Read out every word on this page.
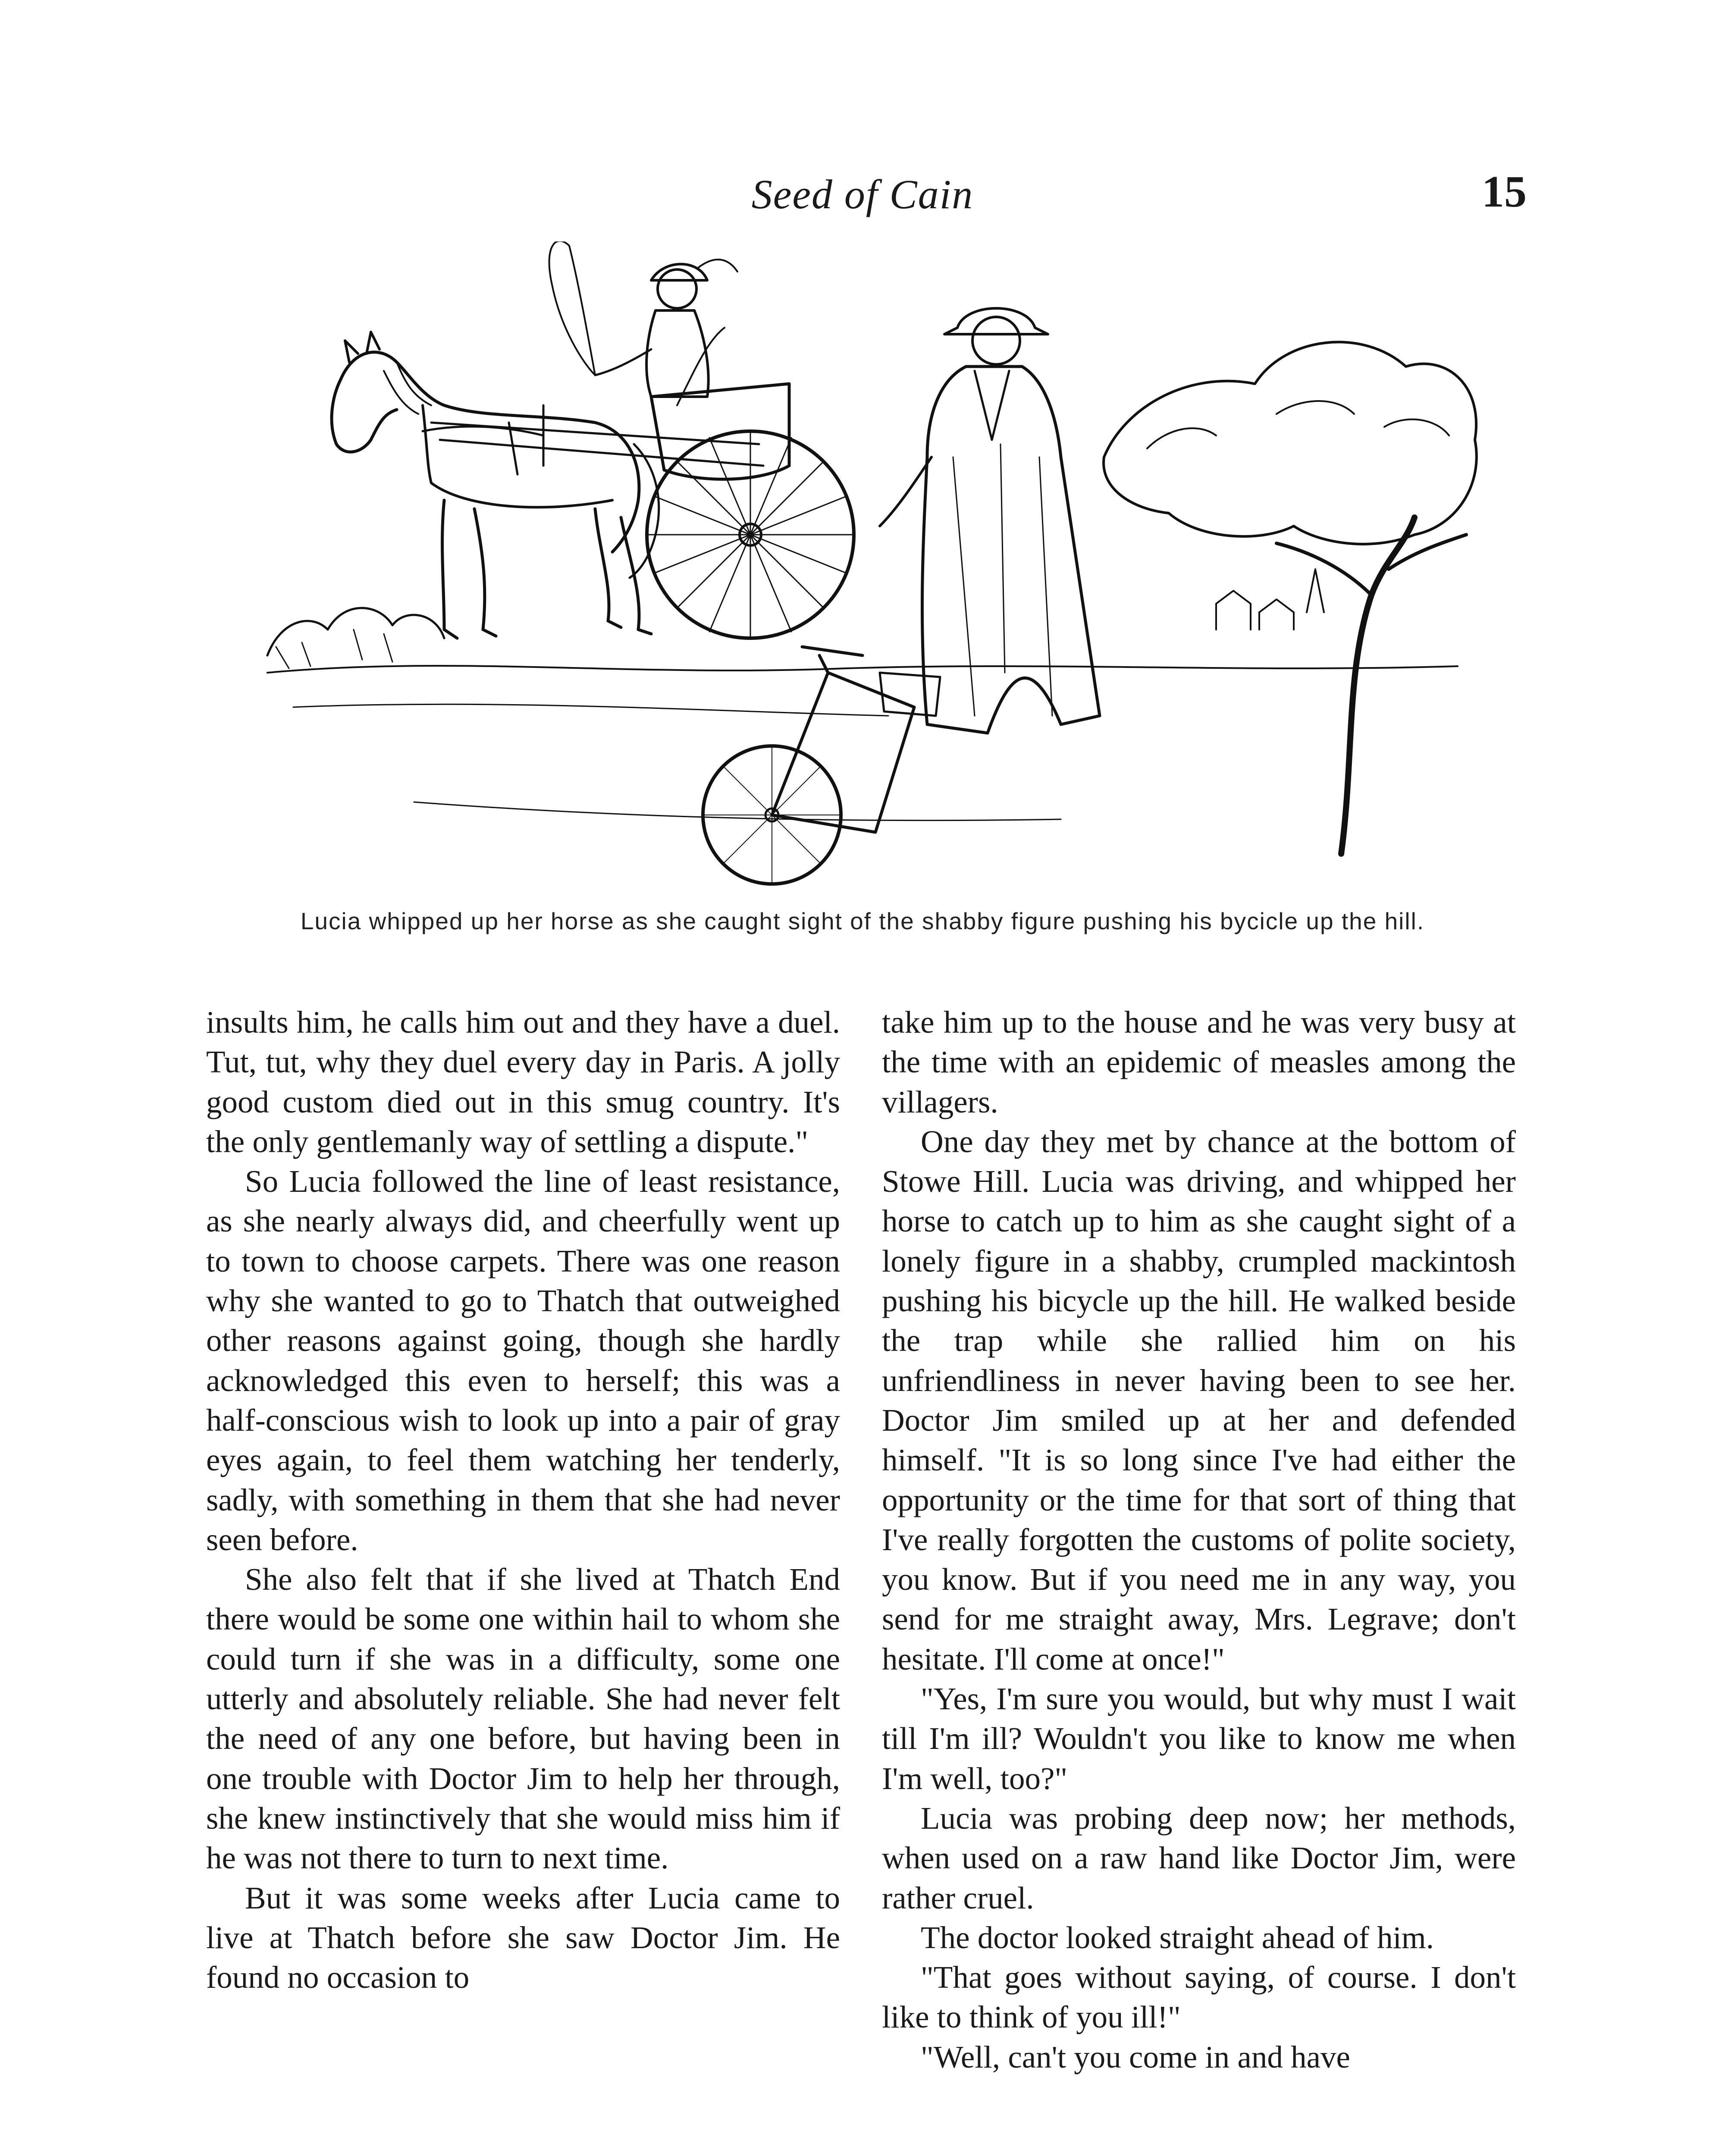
Seed of Cain	15
Lucia whipped up her horse as she caught sight of the shabby figure pushing his bycicle up the hill.

insults him, he calls him out and they have a duel. Tut, tut, why they duel every day in Paris. A jolly good custom died out in this smug country. It's the only gentlemanly way of settling a dispute."

So Lucia followed the line of least resistance, as she nearly always did, and cheerfully went up to town to choose carpets. There was one reason why she wanted to go to Thatch that outweighed other reasons against going, though she hardly acknowledged this even to herself; this was a half-conscious wish to look up into a pair of gray eyes again, to feel them watching her tenderly, sadly, with something in them that she had never seen before.

She also felt that if she lived at Thatch End there would be some one within hail to whom she could turn if she was in a difficulty, some one utterly and absolutely reliable. She had never felt the need of any one before, but having been in one trouble with Doctor Jim to help her through, she knew instinctively that she would miss him if he was not there to turn to next time.

But it was some weeks after Lucia came to live at Thatch before she saw Doctor Jim. He found no occasion to

take him up to the house and he was very busy at the time with an epidemic of measles among the villagers.

One day they met by chance at the bottom of Stowe Hill. Lucia was driving, and whipped her horse to catch up to him as she caught sight of a lonely figure in a shabby, crumpled mackintosh pushing his bicycle up the hill. He walked beside the trap while she rallied him on his unfriendliness in never having been to see her. Doctor Jim smiled up at her and defended himself. "It is so long since I've had either the opportunity or the time for that sort of thing that I've really forgotten the customs of polite society, you know. But if you need me in any way, you send for me straight away, Mrs. Legrave; don't hesitate. I'll come at once!"

"Yes, I'm sure you would, but why must I wait till I'm ill? Wouldn't you like to know me when I'm well, too?"

Lucia was probing deep now; her methods, when used on a raw hand like Doctor Jim, were rather cruel.

The doctor looked straight ahead of him.

"That goes without saying, of course. I don't like to think of you ill!"

"Well, can't you come in and have
